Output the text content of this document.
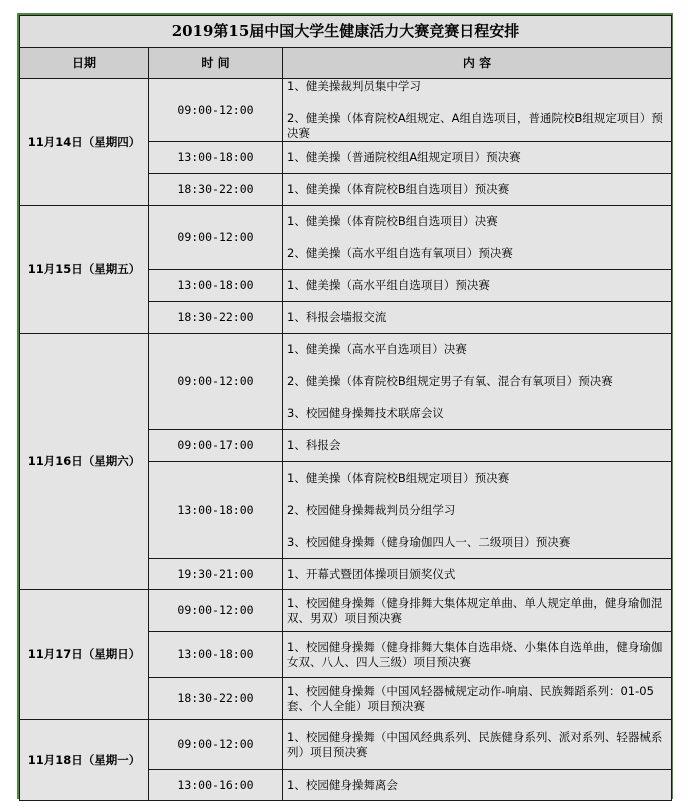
2019第15届中国大学生健康活力大赛竞赛日程安排		
日期	时 间	内 容
11月14日（星期四）	09:00-12:00	1、健美操裁判员集中学习
2、健美操（体育院校A组规定、A组自选项目，普通院校B组规定项目）预决赛

	13:00-18:00	1、健美操（普通院校组A组规定项目）预决赛

	18:30-22:00	1、健美操（体育院校B组自选项目）预决赛

11月15日（星期五）	09:00-12:00	1、健美操（体育院校B组自选项目）决赛
2、健美操（高水平组自选有氧项目）预决赛

	13:00-18:00	1、健美操（高水平组自选项目）预决赛

	18:30-22:00	1、科报会墙报交流

11月16日（星期六）	09:00-12:00	1、健美操（高水平自选项目）决赛
2、健美操（体育院校B组规定男子有氧、混合有氧项目）预决赛
3、校园健身操舞技术联席会议

	09:00-17:00	1、科报会

	13:00-18:00	1、健美操（体育院校B组规定项目）预决赛
2、校园健身操舞裁判员分组学习
3、校园健身操舞（健身瑜伽四人一、二级项目）预决赛

	19:30-21:00	1、开幕式暨团体操项目颁奖仪式

11月17日（星期日）	09:00-12:00	1、校园健身操舞（健身排舞大集体规定单曲、单人规定单曲，健身瑜伽混双、男双）项目预决赛

	13:00-18:00	1、校园健身操舞（健身排舞大集体自选串烧、小集体自选单曲，健身瑜伽女双、八人、四人三级）项目预决赛

	18:30-22:00	1、校园健身操舞（中国风轻器械规定动作-响扇、民族舞蹈系列：01-05套、个人全能）项目预决赛

11月18日（星期一）	09:00-12:00	1、校园健身操舞（中国风经典系列、民族健身系列、派对系列、轻器械系列）项目预决赛

	13:00-16:00	1、校园健身操舞离会
